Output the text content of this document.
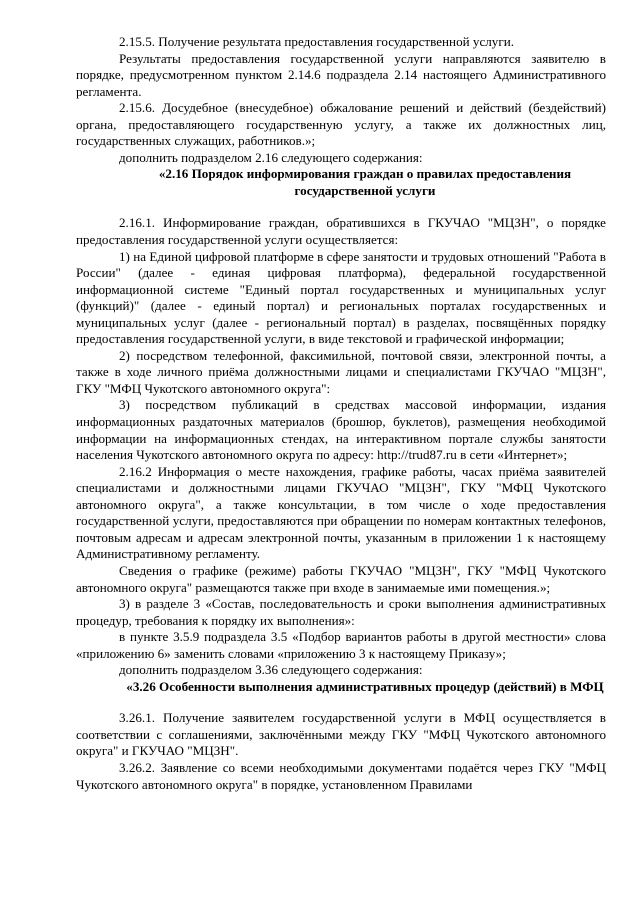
2.15.5. Получение результата предоставления государственной услуги.

Результаты предоставления государственной услуги направляются заявителю в порядке, предусмотренном пунктом 2.14.6 подраздела 2.14 настоящего Административного регламента.

2.15.6. Досудебное (внесудебное) обжалование решений и действий (бездействий) органа, предоставляющего государственную услугу, а также их должностных лиц, государственных служащих, работников.»;

дополнить подразделом 2.16 следующего содержания:

«2.16 Порядок информирования граждан о правилах предоставления государственной услуги

2.16.1. Информирование граждан, обратившихся в ГКУЧАО "МЦЗН", о порядке предоставления государственной услуги осуществляется:

1) на Единой цифровой платформе в сфере занятости и трудовых отношений "Работа в России" (далее - единая цифровая платформа), федеральной государственной информационной системе "Единый портал государственных и муниципальных услуг (функций)" (далее - единый портал) и региональных порталах государственных и муниципальных услуг (далее - региональный портал) в разделах, посвящённых порядку предоставления государственной услуги, в виде текстовой и графической информации;

2) посредством телефонной, факсимильной, почтовой связи, электронной почты, а также в ходе личного приёма должностными лицами и специалистами ГКУЧАО "МЦЗН", ГКУ "МФЦ Чукотского автономного округа":

3) посредством публикаций в средствах массовой информации, издания информационных раздаточных материалов (брошюр, буклетов), размещения необходимой информации на информационных стендах, на интерактивном портале службы занятости населения Чукотского автономного округа по адресу: http://trud87.ru в сети «Интернет»;

2.16.2 Информация о месте нахождения, графике работы, часах приёма заявителей специалистами и должностными лицами ГКУЧАО "МЦЗН", ГКУ "МФЦ Чукотского автономного округа", а также консультации, в том числе о ходе предоставления государственной услуги, предоставляются при обращении по номерам контактных телефонов, почтовым адресам и адресам электронной почты, указанным в приложении 1 к настоящему Административному регламенту.

Сведения о графике (режиме) работы ГКУЧАО "МЦЗН", ГКУ "МФЦ Чукотского автономного округа" размещаются также при входе в занимаемые ими помещения.»;

3) в разделе 3 «Состав, последовательность и сроки выполнения административных процедур, требования к порядку их выполнения»:

в пункте 3.5.9 подраздела 3.5 «Подбор вариантов работы в другой местности» слова «приложению 6» заменить словами «приложению 3 к настоящему Приказу»;

дополнить подразделом 3.36 следующего содержания:

«3.26 Особенности выполнения административных процедур (действий) в МФЦ

3.26.1. Получение заявителем государственной услуги в МФЦ осуществляется в соответствии с соглашениями, заключёнными между ГКУ "МФЦ Чукотского автономного округа" и ГКУЧАО "МЦЗН".

3.26.2. Заявление со всеми необходимыми документами подаётся через ГКУ "МФЦ Чукотского автономного округа" в порядке, установленном Правилами
